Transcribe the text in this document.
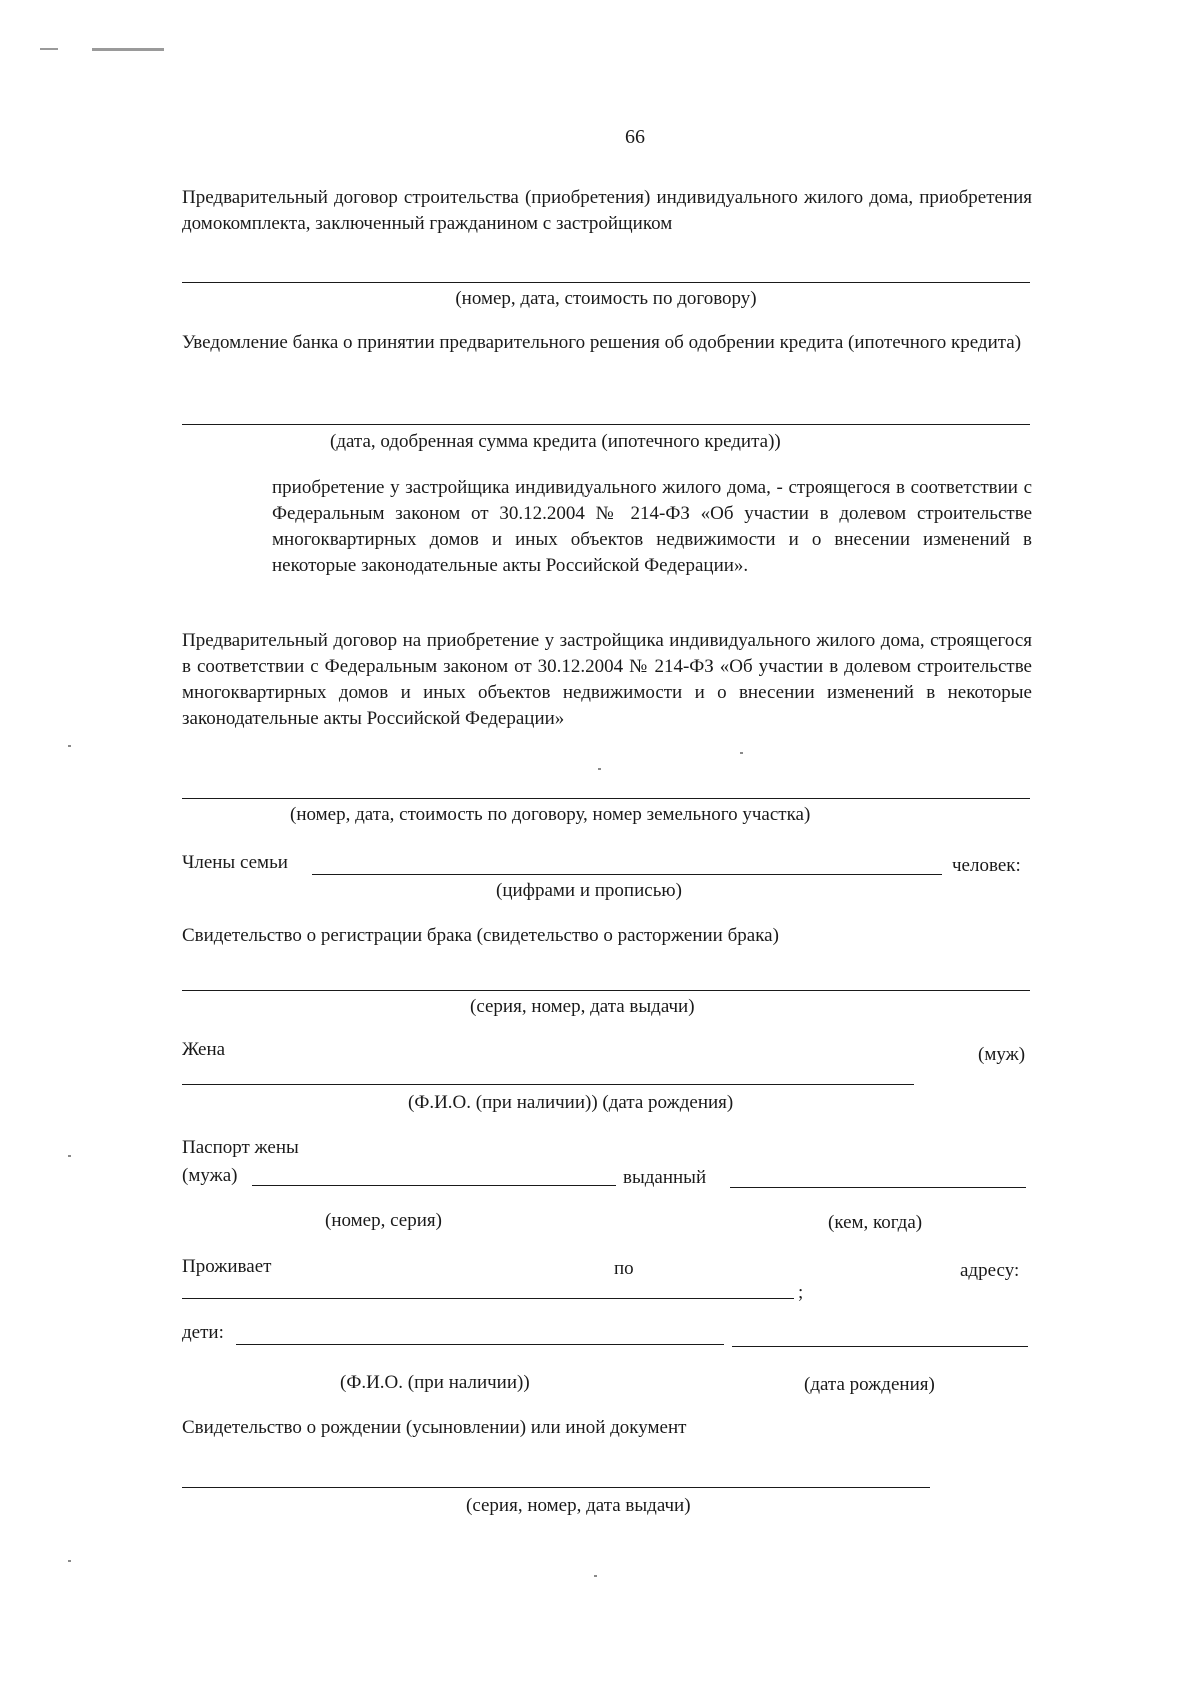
66
Предварительный договор строительства (приобретения) индивидуального жилого дома, приобретения домокомплекта, заключенный гражданином с застройщиком
(номер, дата, стоимость по договору)
Уведомление банка о принятии предварительного решения об одобрении кредита (ипотечного кредита)
(дата, одобренная сумма кредита (ипотечного кредита))
приобретение у застройщика индивидуального жилого дома, - строящегося в соответствии с Федеральным законом от 30.12.2004 № 214-ФЗ «Об участии в долевом строительстве многоквартирных домов и иных объектов недвижимости и о внесении изменений в некоторые законодательные акты Российской Федерации».
Предварительный договор на приобретение у застройщика индивидуального жилого дома, строящегося в соответствии с Федеральным законом от 30.12.2004 № 214-ФЗ «Об участии в долевом строительстве многоквартирных домов и иных объектов недвижимости и о внесении изменений в некоторые законодательные акты Российской Федерации»
(номер, дата, стоимость по договору, номер земельного участка)
Члены семьи	человек:
(цифрами и прописью)
Свидетельство о регистрации брака (свидетельство о расторжении брака)
(серия, номер, дата выдачи)
Жена	(муж)
(Ф.И.О. (при наличии)) (дата рождения)
Паспорт жены
(мужа)	выданный
(номер, серия)	(кем, когда)
Проживает	по	адресу:
;
дети:
(Ф.И.О. (при наличии))	(дата рождения)
Свидетельство о рождении (усыновлении) или иной документ
(серия, номер, дата выдачи)
